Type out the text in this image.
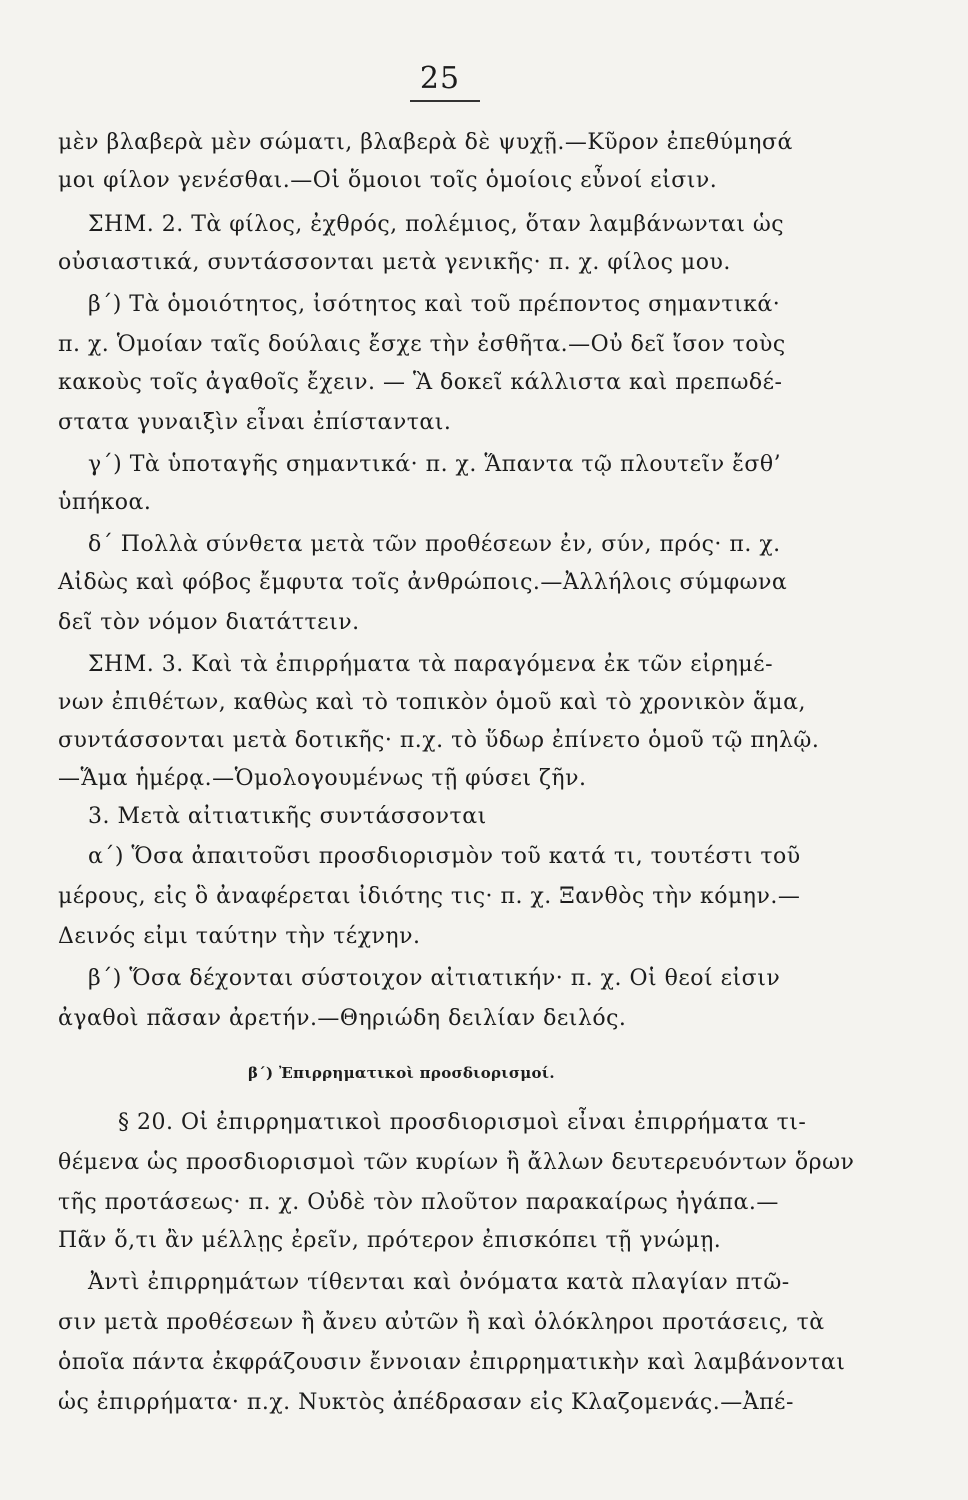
25
μὲν βλαβερὰ μὲν σώματι, βλαβερὰ δὲ ψυχῇ.—Κῦρον ἐπεθύμησά
μοι φίλον γενέσθαι.—Οἱ ὅμοιοι τοῖς ὁμοίοις εὖνοί εἰσιν.
ΣΗΜ. 2. Τὰ φίλος, ἐχθρός, πολέμιος, ὅταν λαμβάνωνται ὡς
οὐσιαστικά, συντάσσονται μετὰ γενικῆς· π. χ. φίλος μου.
β΄) Τὰ ὁμοιότητος, ἰσότητος καὶ τοῦ πρέποντος σημαντικά·
π. χ. Ὁμοίαν ταῖς δούλαις ἔσχε τὴν ἐσθῆτα.—Οὐ δεῖ ἴσον τοὺς
κακοὺς τοῖς ἀγαθοῖς ἔχειν. — Ἃ δοκεῖ κάλλιστα καὶ πρεπωδέ-
στατα γυναιξὶν εἶναι ἐπίστανται.
γ΄) Τὰ ὑποταγῆς σημαντικά· π. χ. Ἅπαντα τῷ πλουτεῖν ἔσθ’
ὑπήκοα.
δ΄ Πολλὰ σύνθετα μετὰ τῶν προθέσεων ἐν, σύν, πρός· π. χ.
Αἰδὼς καὶ φόβος ἔμφυτα τοῖς ἀνθρώποις.—Ἀλλήλοις σύμφωνα
δεῖ τὸν νόμον διατάττειν.
ΣΗΜ. 3. Καὶ τὰ ἐπιρρήματα τὰ παραγόμενα ἐκ τῶν εἰρημέ-
νων ἐπιθέτων, καθὼς καὶ τὸ τοπικὸν ὁμοῦ καὶ τὸ χρονικὸν ἅμα,
συντάσσονται μετὰ δοτικῆς· π.χ. τὸ ὕδωρ ἐπίνετο ὁμοῦ τῷ πηλῷ.
—Ἅμα ἡμέρᾳ.—Ὁμολογουμένως τῇ φύσει ζῆν.
3. Μετὰ αἰτιατικῆς συντάσσονται
α΄) Ὅσα ἀπαιτοῦσι προσδιορισμὸν τοῦ κατά τι, τουτέστι τοῦ
μέρους, εἰς ὃ ἀναφέρεται ἰδιότης τις· π. χ. Ξανθὸς τὴν κόμην.—
Δεινός εἰμι ταύτην τὴν τέχνην.
β΄) Ὅσα δέχονται σύστοιχον αἰτιατικήν· π. χ. Οἱ θεοί εἰσιν
ἀγαθοὶ πᾶσαν ἀρετήν.—Θηριώδη δειλίαν δειλός.
β΄) Ἐπιρρηματικοὶ προσδιορισμοί.
§ 20. Οἱ ἐπιρρηματικοὶ προσδιορισμοὶ εἶναι ἐπιρρήματα τι-
θέμενα ὡς προσδιορισμοὶ τῶν κυρίων ἢ ἄλλων δευτερευόντων ὅρων
τῆς προτάσεως· π. χ. Οὐδὲ τὸν πλοῦτον παρακαίρως ἠγάπα.—
Πᾶν ὅ,τι ἂν μέλλῃς ἐρεῖν, πρότερον ἐπισκόπει τῇ γνώμῃ.
Ἀντὶ ἐπιρρημάτων τίθενται καὶ ὀνόματα κατὰ πλαγίαν πτῶ-
σιν μετὰ προθέσεων ἢ ἄνευ αὐτῶν ἢ καὶ ὁλόκληροι προτάσεις, τὰ
ὁποῖα πάντα ἐκφράζουσιν ἔννοιαν ἐπιρρηματικὴν καὶ λαμβάνονται
ὡς ἐπιρρήματα· π.χ. Νυκτὸς ἀπέδρασαν εἰς Κλαζομενάς.—Ἀπέ-
